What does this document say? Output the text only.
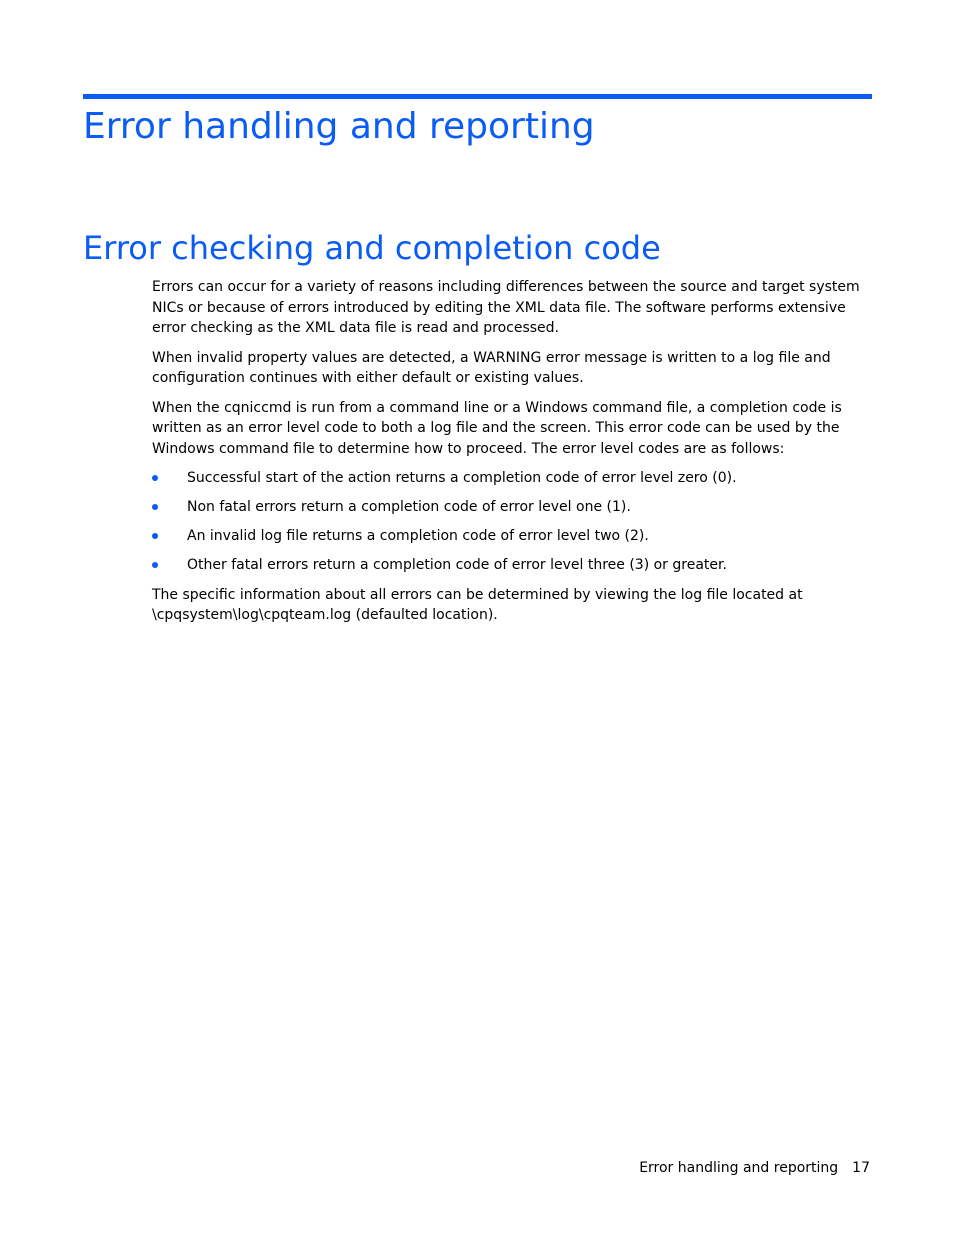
Error handling and reporting
Error checking and completion code

Errors can occur for a variety of reasons including differences between the source and target system NICs or because of errors introduced by editing the XML data file. The software performs extensive error checking as the XML data file is read and processed.

When invalid property values are detected, a WARNING error message is written to a log file and configuration continues with either default or existing values.

When the cqniccmd is run from a command line or a Windows command file, a completion code is written as an error level code to both a log file and the screen. This error code can be used by the Windows command file to determine how to proceed. The error level codes are as follows:

Successful start of the action returns a completion code of error level zero (0).
Non fatal errors return a completion code of error level one (1).
An invalid log file returns a completion code of error level two (2).
Other fatal errors return a completion code of error level three (3) or greater.

The specific information about all errors can be determined by viewing the log file located at \cpqsystem\log\cpqteam.log (defaulted location).

Error handling and reporting 17
